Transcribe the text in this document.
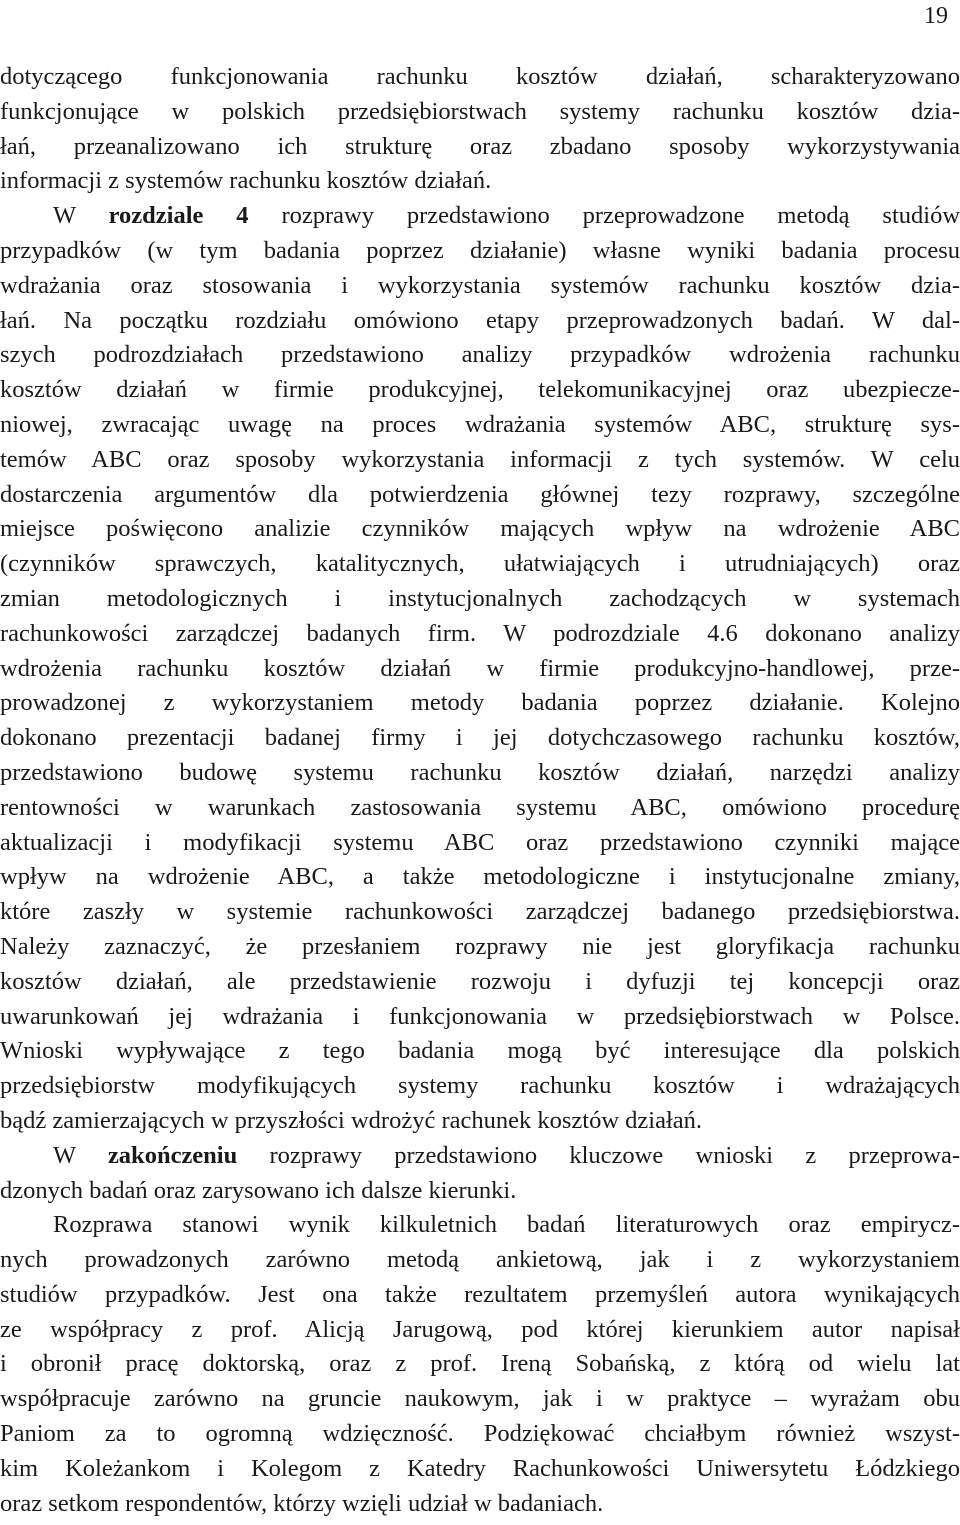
19
dotyczącego funkcjonowania rachunku kosztów działań, scharakteryzowano
funkcjonujące w polskich przedsiębiorstwach systemy rachunku kosztów dzia-
łań, przeanalizowano ich strukturę oraz zbadano sposoby wykorzystywania
informacji z systemów rachunku kosztów działań.
W rozdziale 4 rozprawy przedstawiono przeprowadzone metodą studiów
przypadków (w tym badania poprzez działanie) własne wyniki badania procesu
wdrażania oraz stosowania i wykorzystania systemów rachunku kosztów dzia-
łań. Na początku rozdziału omówiono etapy przeprowadzonych badań. W dal-
szych podrozdziałach przedstawiono analizy przypadków wdrożenia rachunku
kosztów działań w firmie produkcyjnej, telekomunikacyjnej oraz ubezpiecze-
niowej, zwracając uwagę na proces wdrażania systemów ABC, strukturę sys-
temów ABC oraz sposoby wykorzystania informacji z tych systemów. W celu
dostarczenia argumentów dla potwierdzenia głównej tezy rozprawy, szczególne
miejsce poświęcono analizie czynników mających wpływ na wdrożenie ABC
(czynników sprawczych, katalitycznych, ułatwiających i utrudniających) oraz
zmian metodologicznych i instytucjonalnych zachodzących w systemach
rachunkowości zarządczej badanych firm. W podrozdziale 4.6 dokonano analizy
wdrożenia rachunku kosztów działań w firmie produkcyjno-handlowej, prze-
prowadzonej z wykorzystaniem metody badania poprzez działanie. Kolejno
dokonano prezentacji badanej firmy i jej dotychczasowego rachunku kosztów,
przedstawiono budowę systemu rachunku kosztów działań, narzędzi analizy
rentowności w warunkach zastosowania systemu ABC, omówiono procedurę
aktualizacji i modyfikacji systemu ABC oraz przedstawiono czynniki mające
wpływ na wdrożenie ABC, a także metodologiczne i instytucjonalne zmiany,
które zaszły w systemie rachunkowości zarządczej badanego przedsiębiorstwa.
Należy zaznaczyć, że przesłaniem rozprawy nie jest gloryfikacja rachunku
kosztów działań, ale przedstawienie rozwoju i dyfuzji tej koncepcji oraz
uwarunkowań jej wdrażania i funkcjonowania w przedsiębiorstwach w Polsce.
Wnioski wypływające z tego badania mogą być interesujące dla polskich
przedsiębiorstw modyfikujących systemy rachunku kosztów i wdrażających
bądź zamierzających w przyszłości wdrożyć rachunek kosztów działań.
W zakończeniu rozprawy przedstawiono kluczowe wnioski z przeprowa-
dzonych badań oraz zarysowano ich dalsze kierunki.
Rozprawa stanowi wynik kilkuletnich badań literaturowych oraz empirycz-
nych prowadzonych zarówno metodą ankietową, jak i z wykorzystaniem
studiów przypadków. Jest ona także rezultatem przemyśleń autora wynikających
ze współpracy z prof. Alicją Jarugową, pod której kierunkiem autor napisał
i obronił pracę doktorską, oraz z prof. Ireną Sobańską, z którą od wielu lat
współpracuje zarówno na gruncie naukowym, jak i w praktyce – wyrażam obu
Paniom za to ogromną wdzięczność. Podziękować chciałbym również wszyst-
kim Koleżankom i Kolegom z Katedry Rachunkowości Uniwersytetu Łódzkiego
oraz setkom respondentów, którzy wzięli udział w badaniach.
